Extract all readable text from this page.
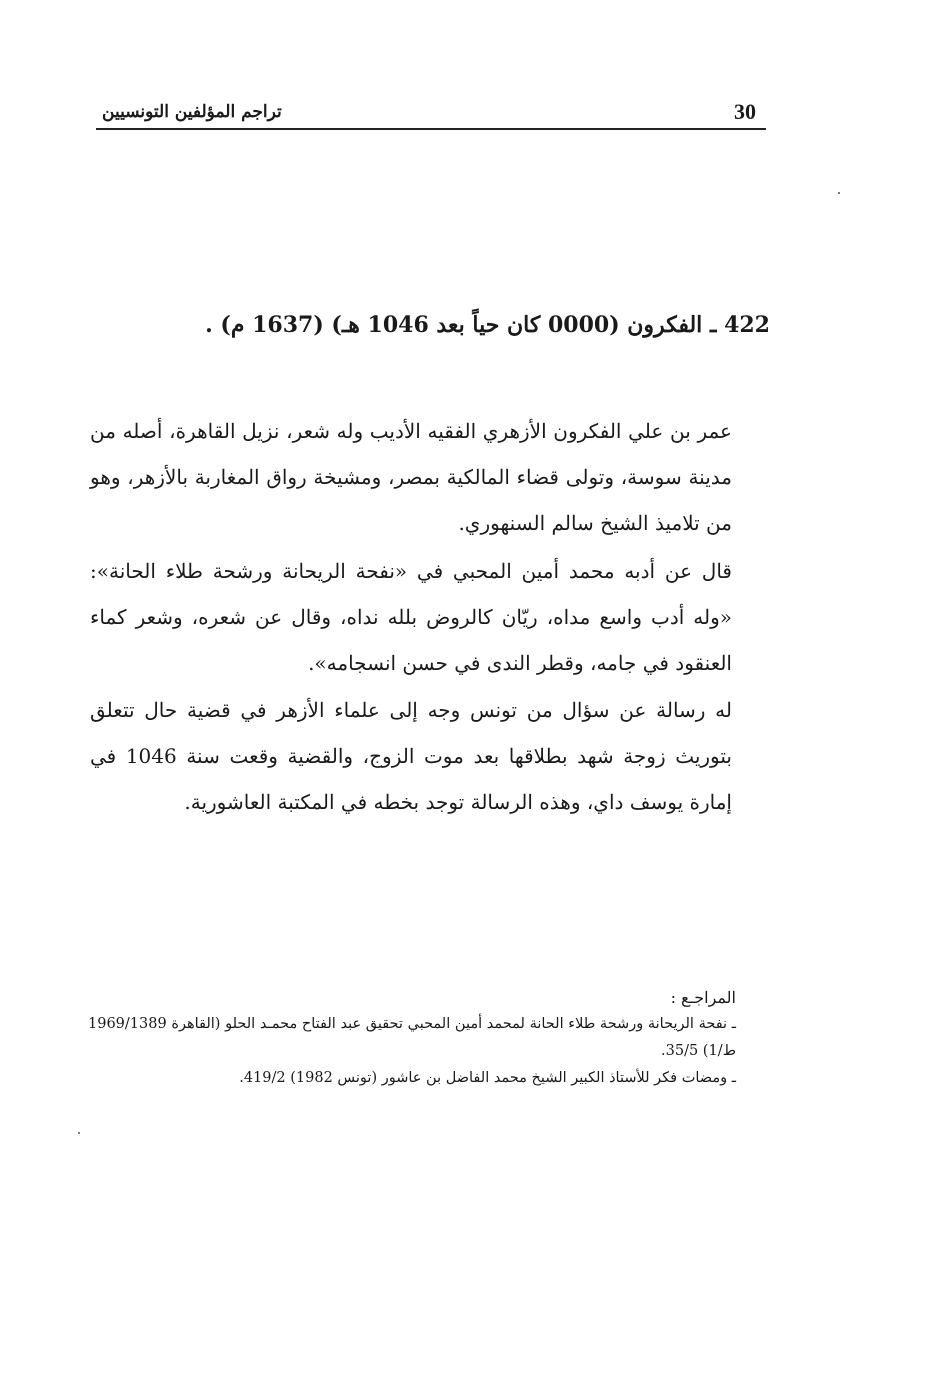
30
تراجم المؤلفين التونسيين
422 ـ الفكرون (0000 كان حياً بعد 1046 هـ) (1637 م) .

عمر بن علي الفكرون الأزهري الفقيه الأديب وله شعر، نزيل القاهرة، أصله من مدينة سوسة، وتولى قضاء المالكية بمصر، ومشيخة رواق المغاربة بالأزهر، وهو من تلاميذ الشيخ سالم السنهوري.

قال عن أدبه محمد أمين المحبي في «نفحة الريحانة ورشحة طلاء الحانة»: «وله أدب واسع مداه، ريّان كالروض بلله نداه، وقال عن شعره، وشعر كماء العنقود في جامه، وقطر الندى في حسن انسجامه».

له رسالة عن سؤال من تونس وجه إلى علماء الأزهر في قضية حال تتعلق بتوريث زوجة شهد بطلاقها بعد موت الزوج، والقضية وقعت سنة 1046 في إمارة يوسف داي، وهذه الرسالة توجد بخطه في المكتبة العاشورية.

المراجـع :
ـ نفحة الريحانة ورشحة طلاء الحانة لمحمد أمين المحبي تحقيق عبد الفتاح محمـد الحلو (القاهرة 1969/1389 ط/1) 35/5.
ـ ومضات فكر للأستاذ الكبير الشيخ محمد الفاضل بن عاشور (تونس 1982) 419/2.
